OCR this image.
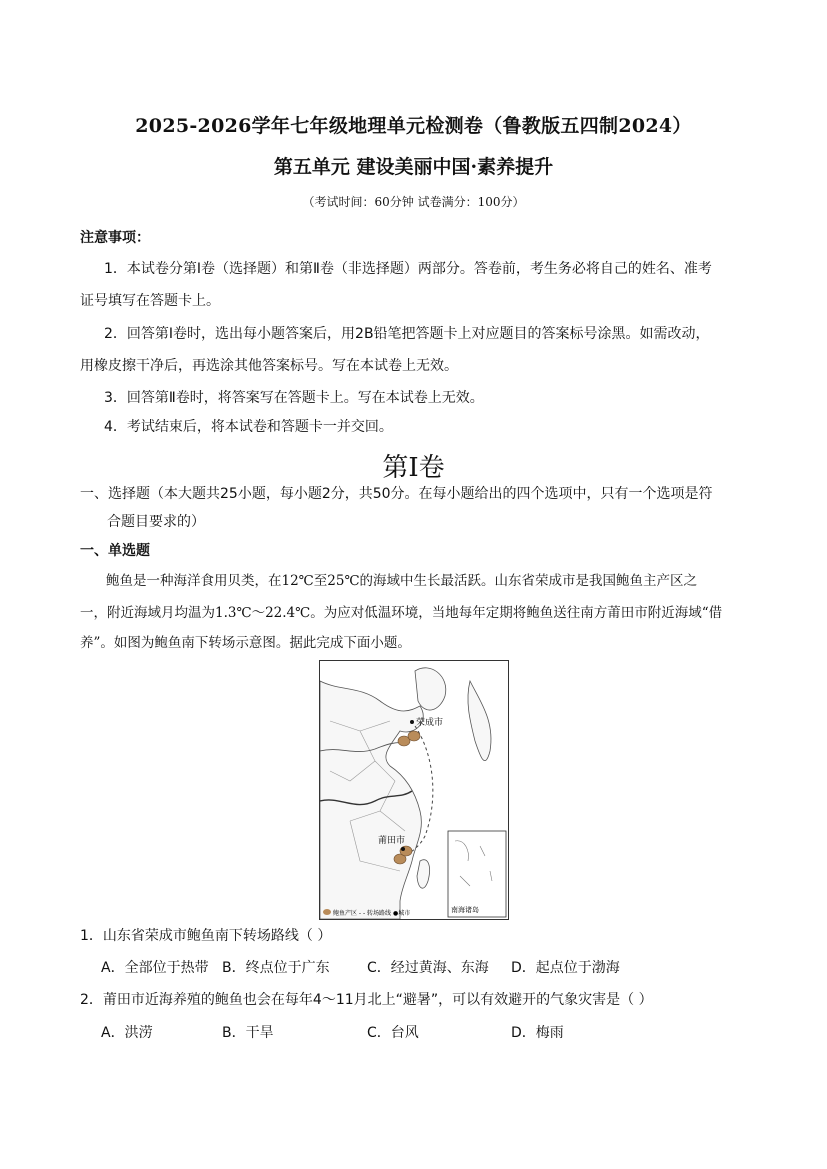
2025-2026学年七年级地理单元检测卷（鲁教版五四制2024）
第五单元 建设美丽中国·素养提升
（考试时间：60分钟 试卷满分：100分）
注意事项：
1．本试卷分第Ⅰ卷（选择题）和第Ⅱ卷（非选择题）两部分。答卷前，考生务必将自己的姓名、准考
证号填写在答题卡上。
2．回答第Ⅰ卷时，选出每小题答案后，用2B铅笔把答题卡上对应题目的答案标号涂黑。如需改动，
用橡皮擦干净后，再选涂其他答案标号。写在本试卷上无效。
3．回答第Ⅱ卷时，将答案写在答题卡上。写在本试卷上无效。
4．考试结束后，将本试卷和答题卡一并交回。
第Ⅰ卷
一、选择题（本大题共25小题，每小题2分，共50分。在每小题给出的四个选项中，只有一个选项是符
合题目要求的）
一、单选题
鲍鱼是一种海洋食用贝类，在12℃至25℃的海域中生长最活跃。山东省荣成市是我国鲍鱼主产区之
一，附近海域月均温为1.3℃～22.4℃。为应对低温环境，当地每年定期将鲍鱼送往南方莆田市附近海域“借
养”。如图为鲍鱼南下转场示意图。据此完成下面小题。
荣成市
莆田市
南海诸岛
鲍鱼产区 - - 转场路线 ●城市
1．山东省荣成市鲍鱼南下转场路线（ ）
A．全部位于热带 B．终点位于广东	C．经过黄海、东海 D．起点位于渤海
2．莆田市近海养殖的鲍鱼也会在每年4～11月北上“避暑”，可以有效避开的气象灾害是（ ）
A．洪涝	B．干旱	C．台风	D．梅雨
